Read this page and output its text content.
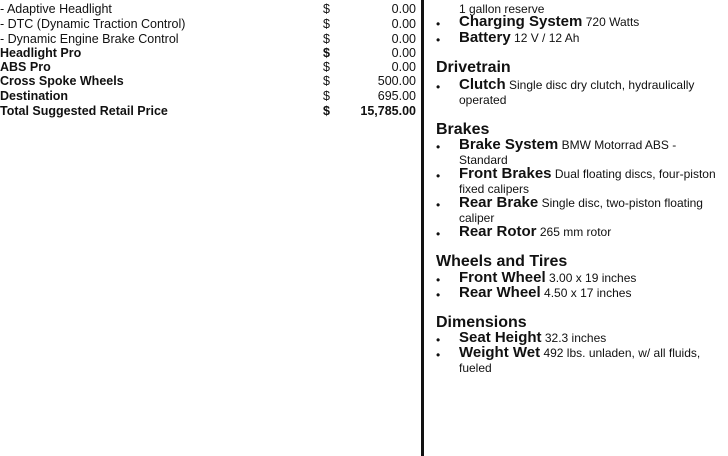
- Adaptive Headlight	$	0.00
- DTC (Dynamic Traction Control)	$	0.00
- Dynamic Engine Brake Control	$	0.00
Headlight Pro	$	0.00
ABS Pro	$	0.00
Cross Spoke Wheels	$	500.00
Destination	$	695.00
Total Suggested Retail Price	$ 15,785.00
1 gallon reserve
• Charging System 720 Watts
• Battery 12 V / 12 Ah
Drivetrain
• Clutch Single disc dry clutch, hydraulically
operated
Brakes
• Brake System BMW Motorrad ABS -
Standard
• Front Brakes Dual floating discs, four-piston
fixed calipers
• Rear Brake Single disc, two-piston floating
caliper
• Rear Rotor 265 mm rotor
Wheels and Tires
• Front Wheel 3.00 x 19 inches
• Rear Wheel 4.50 x 17 inches
Dimensions
• Seat Height 32.3 inches
• Weight Wet 492 lbs. unladen, w/ all fluids,
fueled
